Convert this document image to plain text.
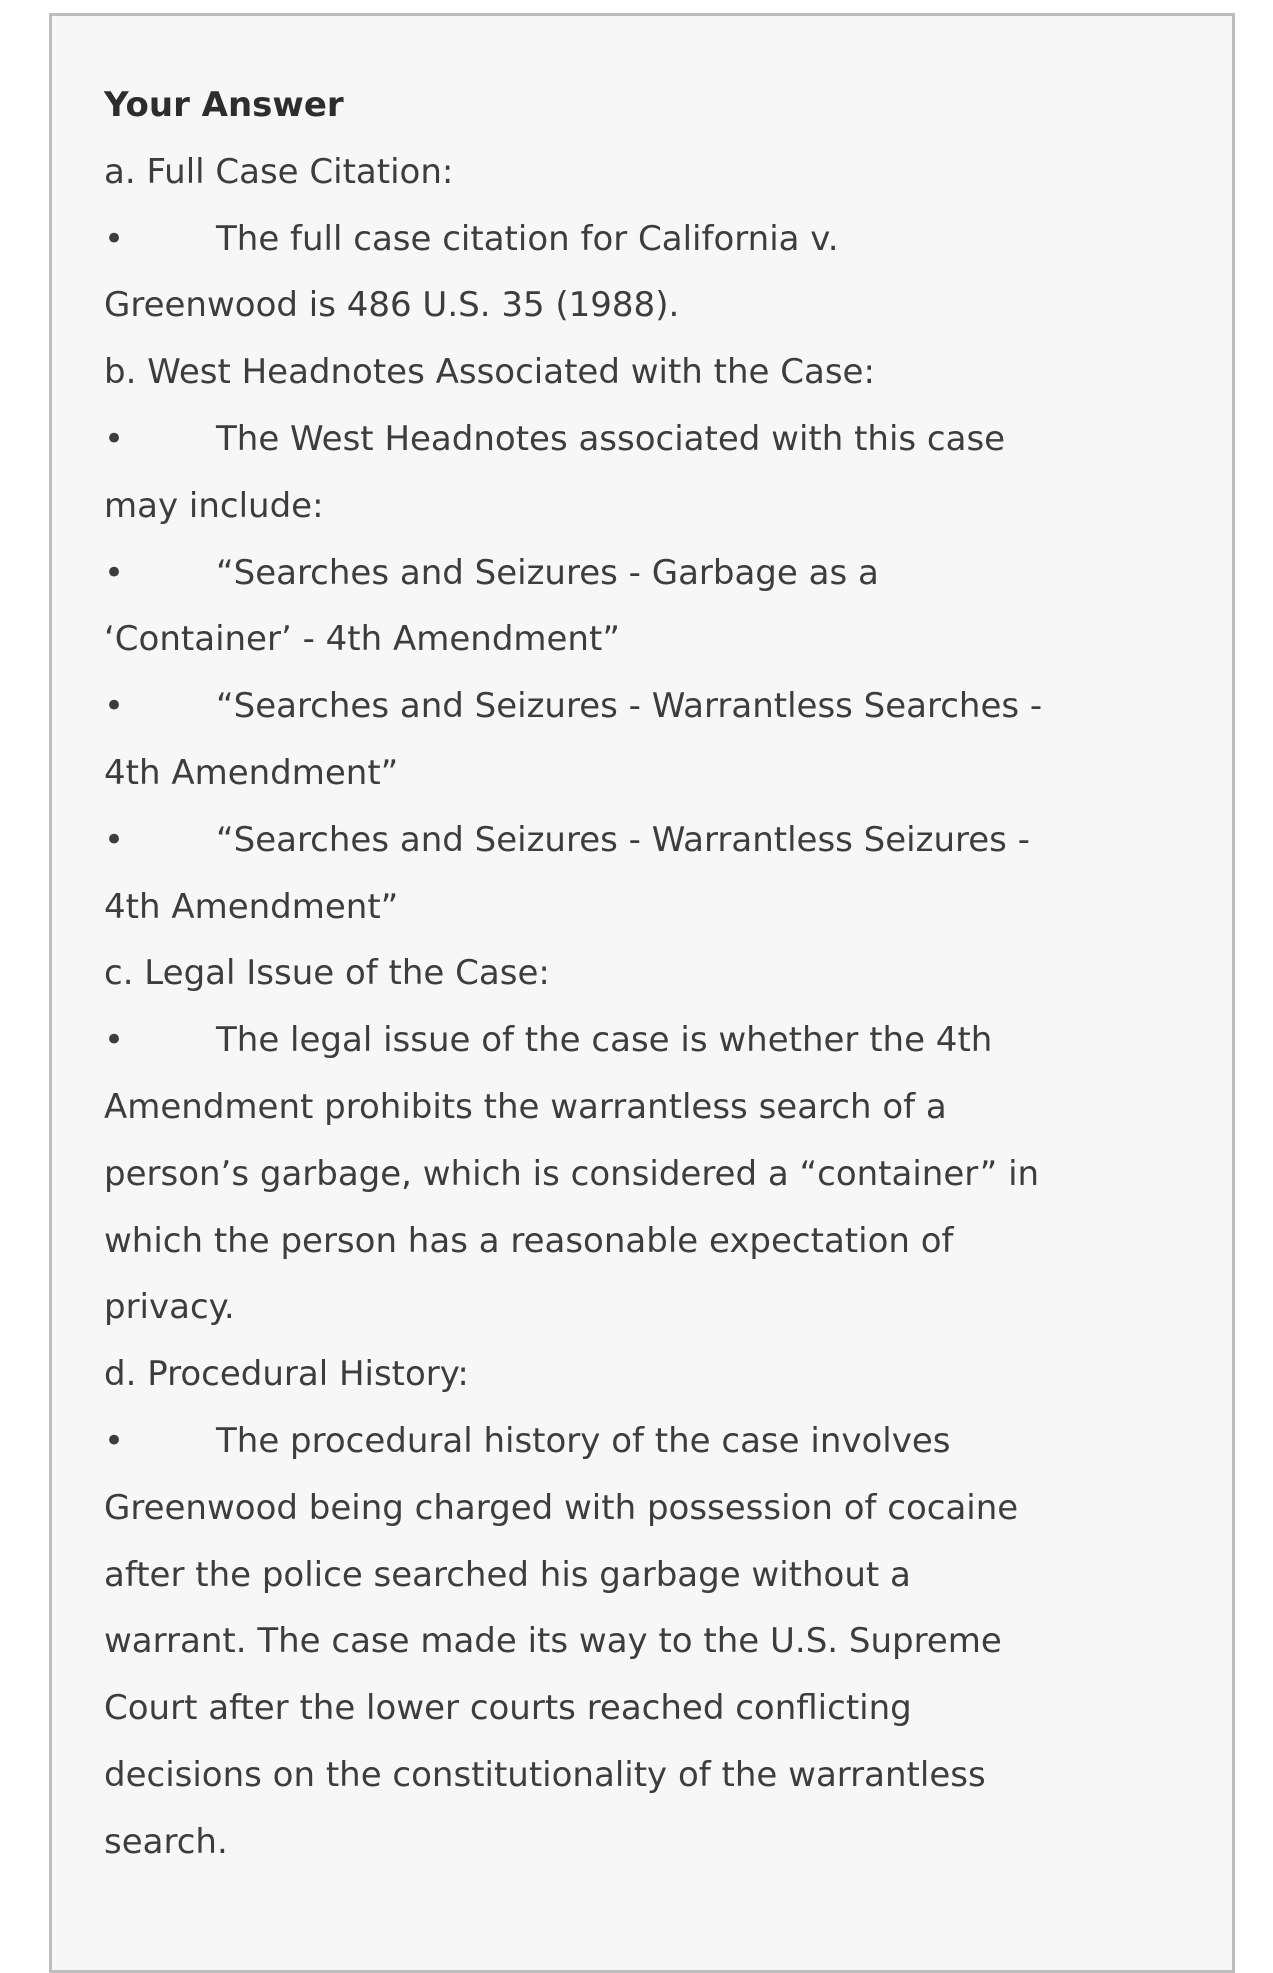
Your Answer
a. Full Case Citation:
•	The full case citation for California v.
Greenwood is 486 U.S. 35 (1988).
b. West Headnotes Associated with the Case:
•	The West Headnotes associated with this case
may include:
•	“Searches and Seizures - Garbage as a
‘Container’ - 4th Amendment”
•	“Searches and Seizures - Warrantless Searches -
4th Amendment”
•	“Searches and Seizures - Warrantless Seizures -
4th Amendment”
c. Legal Issue of the Case:
•	The legal issue of the case is whether the 4th
Amendment prohibits the warrantless search of a
person’s garbage, which is considered a “container” in
which the person has a reasonable expectation of
privacy.
d. Procedural History:
•	The procedural history of the case involves
Greenwood being charged with possession of cocaine
after the police searched his garbage without a
warrant. The case made its way to the U.S. Supreme
Court after the lower courts reached conflicting
decisions on the constitutionality of the warrantless
search.
